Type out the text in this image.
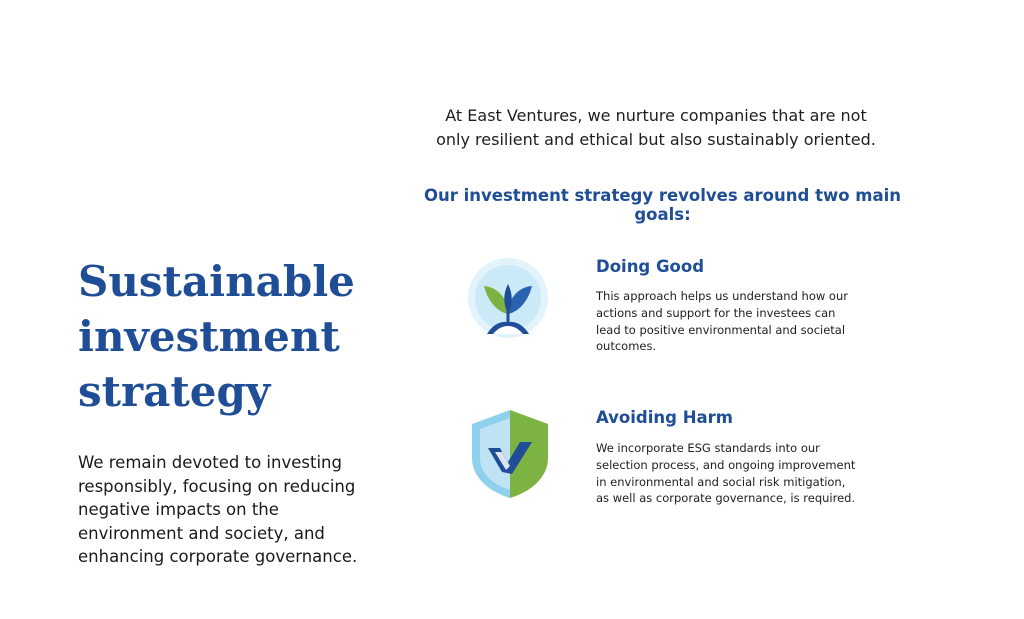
At East Ventures, we nurture companies that are not
only resilient and ethical but also sustainably oriented.
Our investment strategy revolves around two main goals:
Sustainable
investment
strategy
We remain devoted to investing responsibly, focusing on reducing negative impacts on the environment and society, and enhancing corporate governance.
Doing Good
This approach helps us understand how our actions and support for the investees can lead to positive environmental and societal outcomes.
Avoiding Harm
We incorporate ESG standards into our selection process, and ongoing improvement in environmental and social risk mitigation, as well as corporate governance, is required.
